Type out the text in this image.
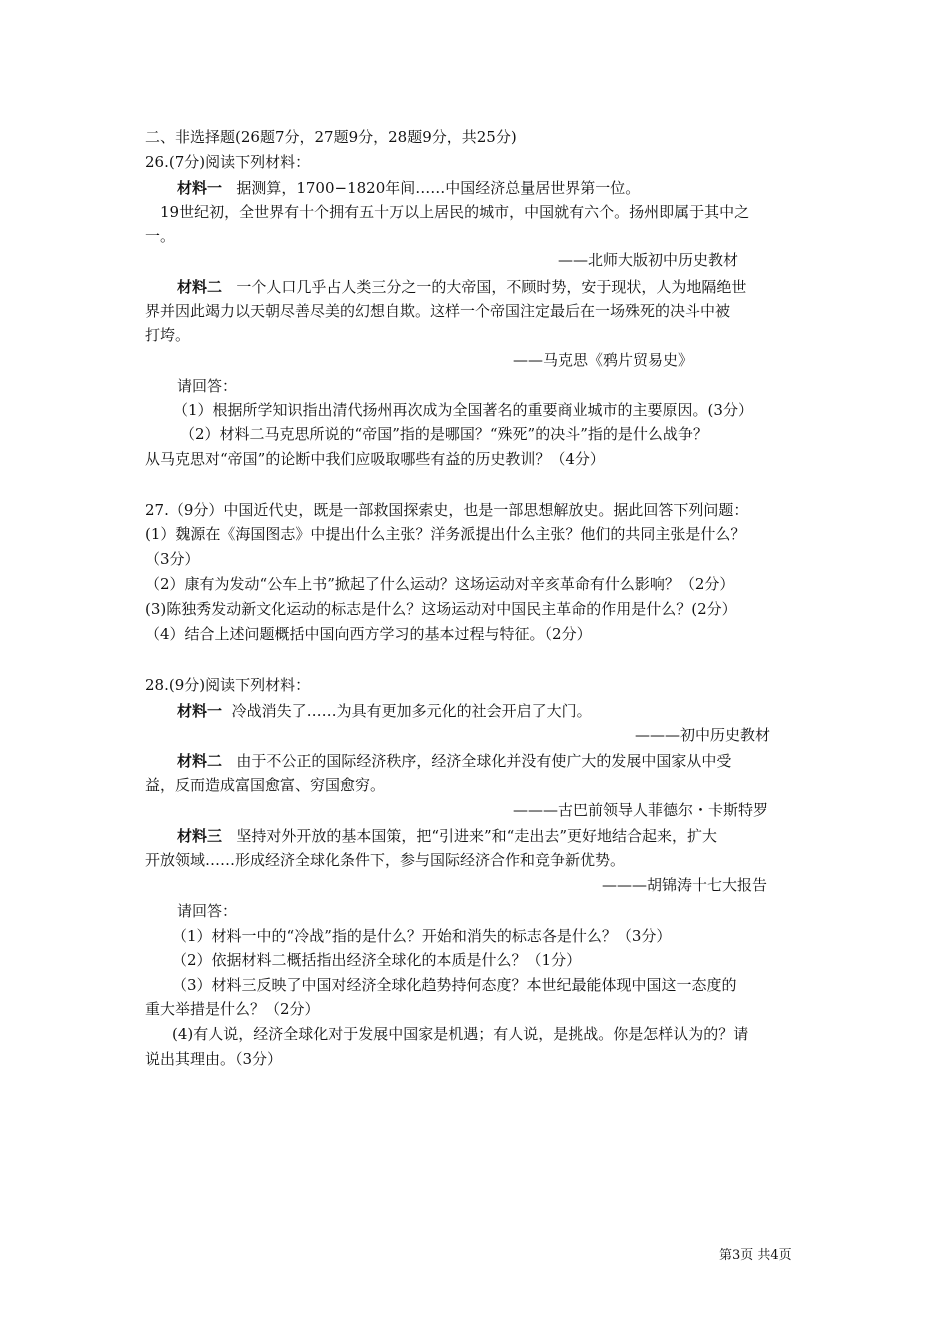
二、非选择题(26题7分，27题9分，28题9分，共25分)
26.(7分)阅读下列材料：
材料一 据测算，1700−1820年间……中国经济总量居世界第一位。
19世纪初，全世界有十个拥有五十万以上居民的城市，中国就有六个。扬州即属于其中之
一。
——北师大版初中历史教材
材料二 一个人口几乎占人类三分之一的大帝国，不顾时势，安于现状，人为地隔绝世
界并因此竭力以天朝尽善尽美的幻想自欺。这样一个帝国注定最后在一场殊死的决斗中被
打垮。
——马克思《鸦片贸易史》
请回答：
（1）根据所学知识指出清代扬州再次成为全国著名的重要商业城市的主要原因。(3分）
（2）材料二马克思所说的“帝国”指的是哪国？“殊死”的决斗”指的是什么战争？
从马克思对“帝国”的论断中我们应吸取哪些有益的历史教训？（4分）
27.（9分）中国近代史，既是一部救国探索史，也是一部思想解放史。据此回答下列问题：
(1）魏源在《海国图志》中提出什么主张？洋务派提出什么主张？他们的共同主张是什么？
（3分）
（2）康有为发动“公车上书”掀起了什么运动？这场运动对辛亥革命有什么影响？（2分）
(3)陈独秀发动新文化运动的标志是什么？这场运动对中国民主革命的作用是什么？(2分）
（4）结合上述问题概括中国向西方学习的基本过程与特征。（2分）
28.(9分)阅读下列材料：
材料一 冷战消失了……为具有更加多元化的社会开启了大门。
———初中历史教材
材料二 由于不公正的国际经济秩序，经济全球化并没有使广大的发展中国家从中受
益，反而造成富国愈富、穷国愈穷。
———古巴前领导人菲德尔・卡斯特罗
材料三 坚持对外开放的基本国策，把“引进来”和“走出去”更好地结合起来，扩大
开放领域……形成经济全球化条件下，参与国际经济合作和竞争新优势。
———胡锦涛十七大报告
请回答：
（1）材料一中的“冷战”指的是什么？开始和消失的标志各是什么？（3分）
（2）依据材料二概括指出经济全球化的本质是什么？（1分）
（3）材料三反映了中国对经济全球化趋势持何态度？本世纪最能体现中国这一态度的
重大举措是什么？（2分）
(4)有人说，经济全球化对于发展中国家是机遇；有人说，是挑战。你是怎样认为的？请
说出其理由。（3分）
第3页 共4页
